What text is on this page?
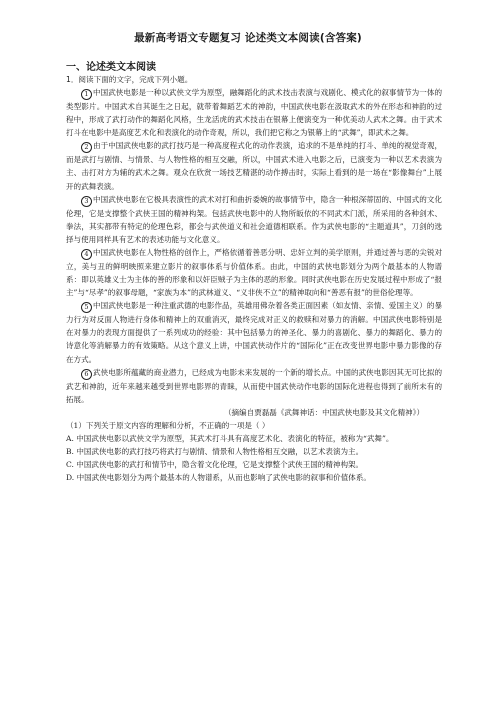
最新高考语文专题复习 论述类文本阅读(含答案)
一、论述类文本阅读

1．阅读下面的文字，完成下列小题。

1 中国武侠电影是一种以武侠文学为原型，融舞蹈化的武术技击表演与戏剧化、模式化的叙事情节为一体的类型影片。中国武术自其诞生之日起，就带着舞蹈艺术的神韵，中国武侠电影在汲取武术的外在形态和神韵的过程中，形成了武打动作的舞蹈化风格，生龙活虎的武术技击在银幕上便演变为一种优美动人武术之舞。由于武术打斗在电影中是高度艺术化和表演化的动作奇观，所以，我们把它称之为银幕上的“武舞”，即武术之舞。

2 由于中国武侠电影的武打技巧是一种高度程式化的动作表演，追求的不是单纯的打斗、单纯的视觉奇观，而是武打与剧情、与情景、与人物性格的相互交融，所以，中国武术进入电影之后，已演变为一种以艺术表演为主、击打对方为辅的武术之舞。观众在欣赏一场技艺精湛的动作搏击时，实际上看到的是一场在“影像舞台”上展开的武舞表演。

3 中国武侠电影在它极具表演性的武术对打和曲折委婉的故事情节中，隐含一种根深蒂固的、中国式的文化伦理，它是支撑整个武侠王国的精神构架。包括武侠电影中的人物所皈依的不同武术门派，所采用的各种剑术、拳法，其实都带有特定的伦理色彩，都会与武侠道义和社会道德相联系。作为武侠电影的“主题道具”，刀剑的选择与使用同样具有艺术的表述功能与文化意义。

4 中国武侠电影在人物性格的创作上，严格依循着善恶分明、忠奸立判的美学原则，并通过善与恶的尖锐对立，美与丑的鲜明映照来建立影片的叙事体系与价值体系。由此，中国的武侠电影划分为两个最基本的人物谱系：即以英雄义士为主体的善的形象和以奸臣贼子为主体的恶的形象。同时武侠电影在历史发展过程中形成了“报主”与“尽孝”的叙事母题，“家族为本”的武林道义、“义非侠不立”的精神取向和“善恶有报”的世俗伦理等。

5 中国武侠电影是一种注重武德的电影作品，英雄用佛杂着各类正面因素（如友情、亲情、爱国主义）的暴力行为对反面人物进行身体和精神上的双重消灭，最终完成对正义的救赎和对暴力的消解。中国武侠电影特别是在对暴力的表现方面提供了一系列成功的经验：其中包括暴力的神圣化、暴力的喜剧化、暴力的舞蹈化、暴力的诗意化等消解暴力的有效策略。从这个意义上讲，中国武侠动作片的“国际化”正在改变世界电影中暴力影像的存在方式。

6 武侠电影所蕴藏的商业潜力，已经成为电影未来发展的一个新的增长点。中国的武侠电影因其无可比拟的武艺和神韵，近年来越来越受到世界电影界的青睐，从而使中国武侠动作电影的国际化进程也得到了前所未有的拓展。

（摘编自贾磊磊《武舞神话：中国武侠电影及其文化精神》）

（1）下列关于原文内容的理解和分析，不正确的一项是（ ）

A. 中国武侠电影以武侠文学为原型，其武术打斗具有高度艺术化、表演化的特征，被称为“武舞”。

B. 中国武侠电影的武打技巧将武打与剧情、情景和人物性格相互交融，以艺术表演为主。

C. 中国武侠电影的武打和情节中，隐含着文化伦理，它是支撑整个武侠王国的精神构架。

D. 中国武侠电影划分为两个最基本的人物谱系，从而也影响了武侠电影的叙事和价值体系。
